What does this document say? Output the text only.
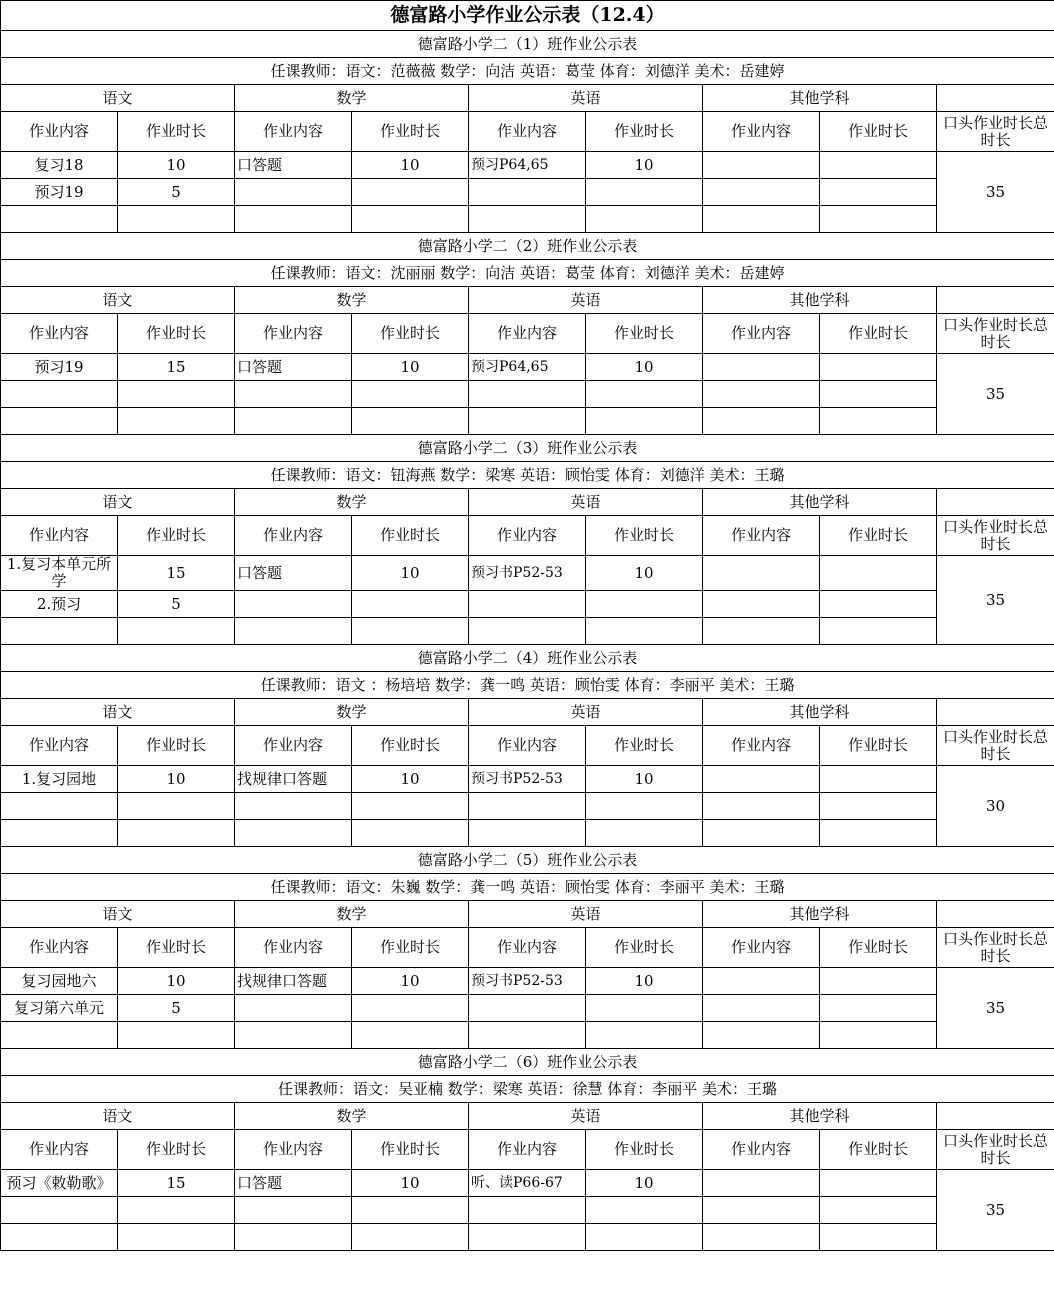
德富路小学作业公示表（12.4）								
德富路小学二（1）班作业公示表								
任课教师：语文：范薇薇 数学：向洁 英语：葛莹 体育：刘德洋 美术：岳建婷								
语文		数学		英语		其他学科		
作业内容	作业时长	作业内容	作业时长	作业内容	作业时长	作业内容	作业时长	口头作业时长总时长
复习18	10	口答题	10	预习P64,65	10			35
预习19	5							

德富路小学二（2）班作业公示表								
任课教师：语文：沈丽丽 数学：向洁 英语：葛莹 体育：刘德洋 美术：岳建婷								
语文		数学		英语		其他学科		
作业内容	作业时长	作业内容	作业时长	作业内容	作业时长	作业内容	作业时长	口头作业时长总时长
预习19	15	口答题	10	预习P64,65	10			35

德富路小学二（3）班作业公示表								
任课教师：语文：钮海燕 数学：梁寒 英语：顾怡雯 体育：刘德洋 美术：王璐								
语文		数学		英语		其他学科		
作业内容	作业时长	作业内容	作业时长	作业内容	作业时长	作业内容	作业时长	口头作业时长总时长
1.复习本单元所学	15	口答题	10	预习书P52-53	10			35
2.预习	5							

德富路小学二（4）班作业公示表								
任课教师：语文 ：杨培培 数学：龚一鸣 英语：顾怡雯 体育：李丽平 美术：王璐								
语文		数学		英语		其他学科		
作业内容	作业时长	作业内容	作业时长	作业内容	作业时长	作业内容	作业时长	口头作业时长总时长
1.复习园地	10	找规律口答题	10	预习书P52-53	10			30

德富路小学二（5）班作业公示表								
任课教师：语文：朱巍 数学：龚一鸣 英语：顾怡雯 体育：李丽平 美术：王璐								
语文		数学		英语		其他学科		
作业内容	作业时长	作业内容	作业时长	作业内容	作业时长	作业内容	作业时长	口头作业时长总时长
复习园地六	10	找规律口答题	10	预习书P52-53	10			35
复习第六单元	5							

德富路小学二（6）班作业公示表								
任课教师：语文：吴亚楠 数学：梁寒 英语：徐慧 体育：李丽平 美术：王璐								
语文		数学		英语		其他学科		
作业内容	作业时长	作业内容	作业时长	作业内容	作业时长	作业内容	作业时长	口头作业时长总时长
预习《敕勒歌》	15	口答题	10	听、读P66-67	10			35
